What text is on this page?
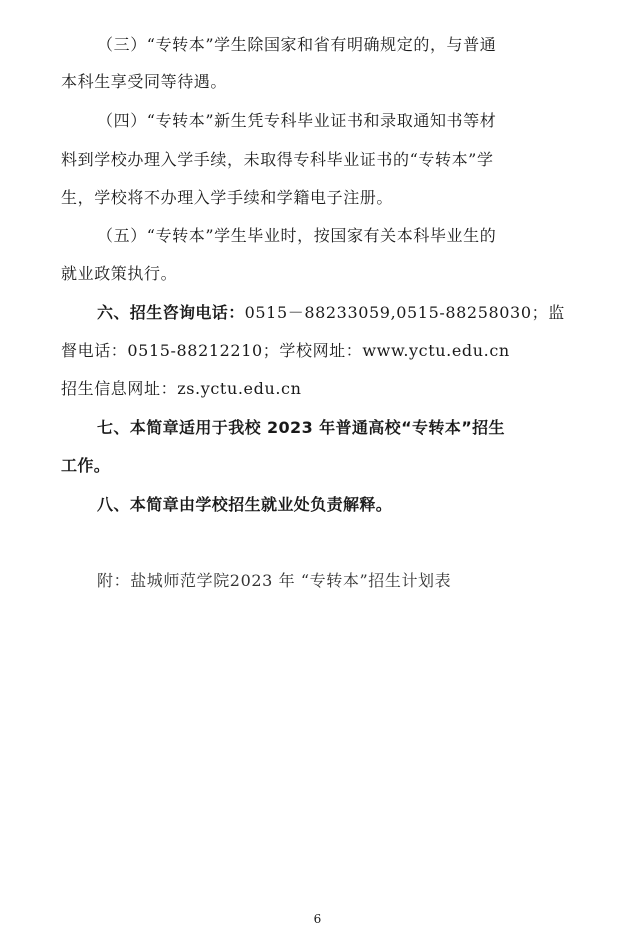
（三）“专转本”学生除国家和省有明确规定的，与普通
本科生享受同等待遇。
（四）“专转本”新生凭专科毕业证书和录取通知书等材
料到学校办理入学手续，未取得专科毕业证书的“专转本”学
生，学校将不办理入学手续和学籍电子注册。
（五）“专转本”学生毕业时，按国家有关本科毕业生的
就业政策执行。
六、招生咨询电话：0515－88233059,0515-88258030；监
督电话：0515-88212210；学校网址：www.yctu.edu.cn
招生信息网址：zs.yctu.edu.cn
七、本简章适用于我校 2023 年普通高校“专转本”招生
工作。
八、本简章由学校招生就业处负责解释。
附：盐城师范学院2023 年 “专转本”招生计划表
6
